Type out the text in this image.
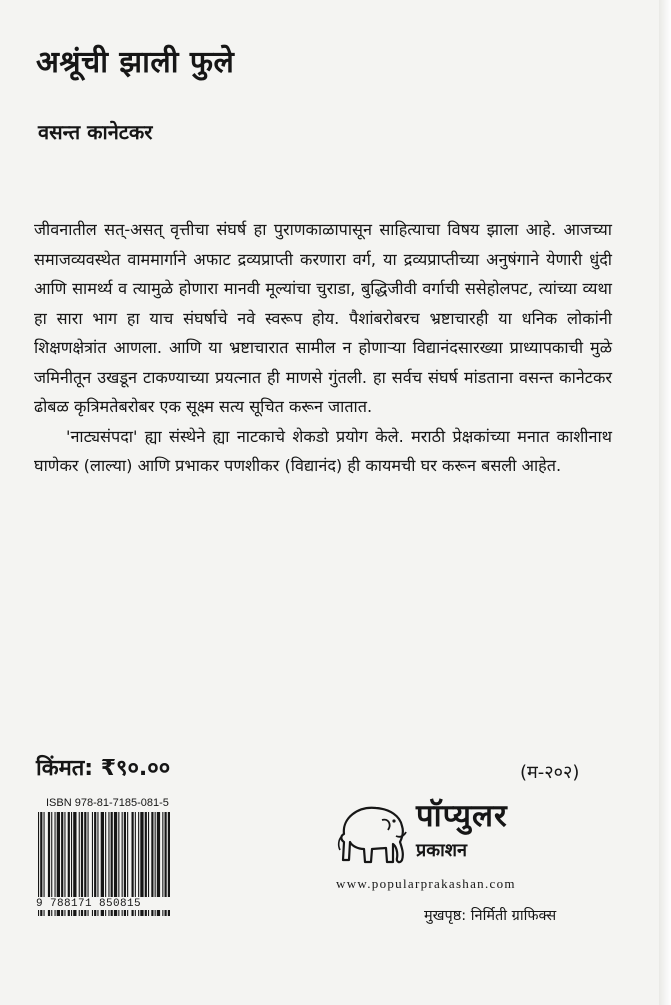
अश्रूंची झाली फुले
वसन्त कानेटकर

जीवनातील सत्-असत् वृत्तीचा संघर्ष हा पुराणकाळापासून साहित्याचा विषय झाला आहे. आजच्या समाजव्यवस्थेत वाममार्गाने अफाट द्रव्यप्राप्ती करणारा वर्ग, या द्रव्यप्राप्तीच्या अनुषंगाने येणारी धुंदी आणि सामर्थ्य व त्यामुळे होणारा मानवी मूल्यांचा चुराडा, बुद्धिजीवी वर्गाची ससेहोलपट, त्यांच्या व्यथा हा सारा भाग हा याच संघर्षाचे नवे स्वरूप होय. पैशांबरोबरच भ्रष्टाचारही या धनिक लोकांनी शिक्षणक्षेत्रांत आणला. आणि या भ्रष्टाचारात सामील न होणाऱ्या विद्यानंदसारख्या प्राध्यापकाची मुळे जमिनीतून उखडून टाकण्याच्या प्रयत्नात ही माणसे गुंतली. हा सर्वच संघर्ष मांडताना वसन्त कानेटकर ढोबळ कृत्रिमतेबरोबर एक सूक्ष्म सत्य सूचित करून जातात.

'नाट्यसंपदा' ह्या संस्थेने ह्या नाटकाचे शेकडो प्रयोग केले. मराठी प्रेक्षकांच्या मनात काशीनाथ घाणेकर (लाल्या) आणि प्रभाकर पणशीकर (विद्यानंद) ही कायमची घर करून बसली आहेत.

किंमत: ₹९०.००	(म-२०२)
ISBN 978-81-7185-081-5
9 788171 850815
पॉप्युलर
प्रकाशन
www.popularprakashan.com
मुखपृष्ठ: निर्मिती ग्राफिक्स
